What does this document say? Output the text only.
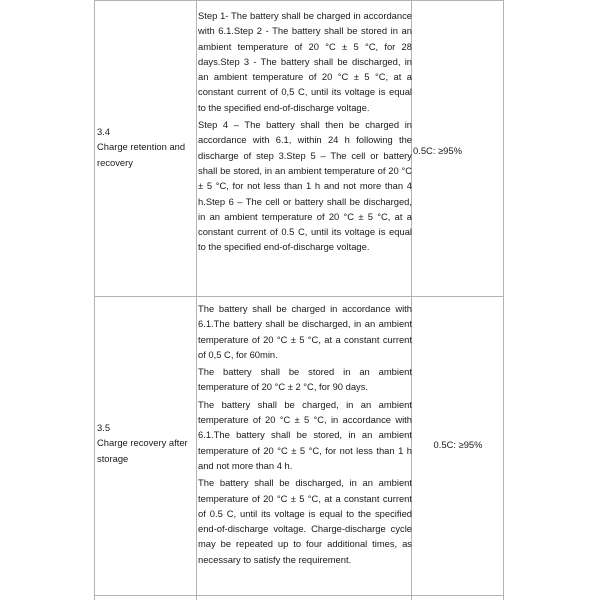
3.4
Charge retention and recovery

Step 1- The battery shall be charged in accordance with 6.1.Step 2 - The battery shall be stored in an ambient temperature of 20 °C ± 5 °C, for 28 days.Step 3 - The battery shall be discharged, in an ambient temperature of 20 °C ± 5 °C, at a constant current of 0,5 C, until its voltage is equal to the specified end-of-discharge voltage.

Step 4 – The battery shall then be charged in accordance with 6.1, within 24 h following the discharge of step 3.Step 5 – The cell or battery shall be stored, in an ambient temperature of 20 °C ± 5 °C, for not less than 1 h and not more than 4 h.Step 6 – The cell or battery shall be discharged, in an ambient temperature of 20 °C ± 5 °C, at a constant current of 0.5 C, until its voltage is equal to the specified end-of-discharge voltage.

0.5C: ≥95%
3.5
Charge recovery after storage

The battery shall be charged in accordance with 6.1.The battery shall be discharged, in an ambient temperature of 20 °C ± 5 °C, at a constant current of 0,5 C, for 60min.

The battery shall be stored in an ambient temperature of 20 °C ± 2 °C, for 90 days.

The battery shall be charged, in an ambient temperature of 20 °C ± 5 °C, in accordance with 6.1.The battery shall be stored, in an ambient temperature of 20 °C ± 5 °C, for not less than 1 h and not more than 4 h.

The battery shall be discharged, in an ambient temperature of 20 °C ± 5 °C, at a constant current of 0.5 C, until its voltage is equal to the specified end-of-discharge voltage. Charge-discharge cycle may be repeated up to four additional times, as necessary to satisfy the requirement.

0.5C: ≥95%
